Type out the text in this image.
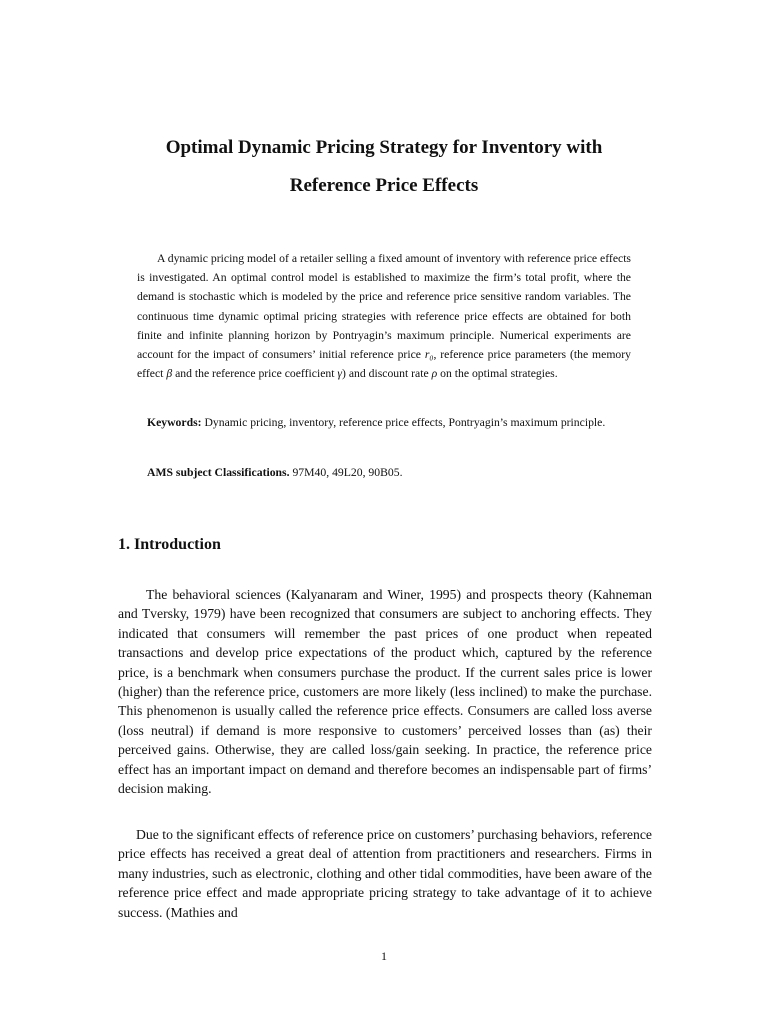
Optimal Dynamic Pricing Strategy for Inventory with
Reference Price Effects

A dynamic pricing model of a retailer selling a fixed amount of inventory with reference price effects is investigated. An optimal control model is established to maximize the firm’s total profit, where the demand is stochastic which is modeled by the price and reference price sensitive random variables. The continuous time dynamic optimal pricing strategies with reference price effects are obtained for both finite and infinite planning horizon by Pontryagin’s maximum principle. Numerical experiments are account for the impact of consumers’ initial reference price r₀, reference price parameters (the memory effect β and the reference price coefficient γ) and discount rate ρ on the optimal strategies.

Keywords: Dynamic pricing, inventory, reference price effects, Pontryagin’s maximum principle.

AMS subject Classifications. 97M40, 49L20, 90B05.

1. Introduction

The behavioral sciences (Kalyanaram and Winer, 1995) and prospects theory (Kahneman and Tversky, 1979) have been recognized that consumers are subject to anchoring effects. They indicated that consumers will remember the past prices of one product when repeated transactions and develop price expectations of the product which, captured by the reference price, is a benchmark when consumers purchase the product. If the current sales price is lower (higher) than the reference price, customers are more likely (less inclined) to make the purchase. This phenomenon is usually called the reference price effects. Consumers are called loss averse (loss neutral) if demand is more responsive to customers’ perceived losses than (as) their perceived gains. Otherwise, they are called loss/gain seeking. In practice, the reference price effect has an important impact on demand and therefore becomes an indispensable part of firms’ decision making.

Due to the significant effects of reference price on customers’ purchasing behaviors, reference price effects has received a great deal of attention from practitioners and researchers. Firms in many industries, such as electronic, clothing and other tidal commodities, have been aware of the reference price effect and made appropriate pricing strategy to take advantage of it to achieve success. (Mathies and

1
